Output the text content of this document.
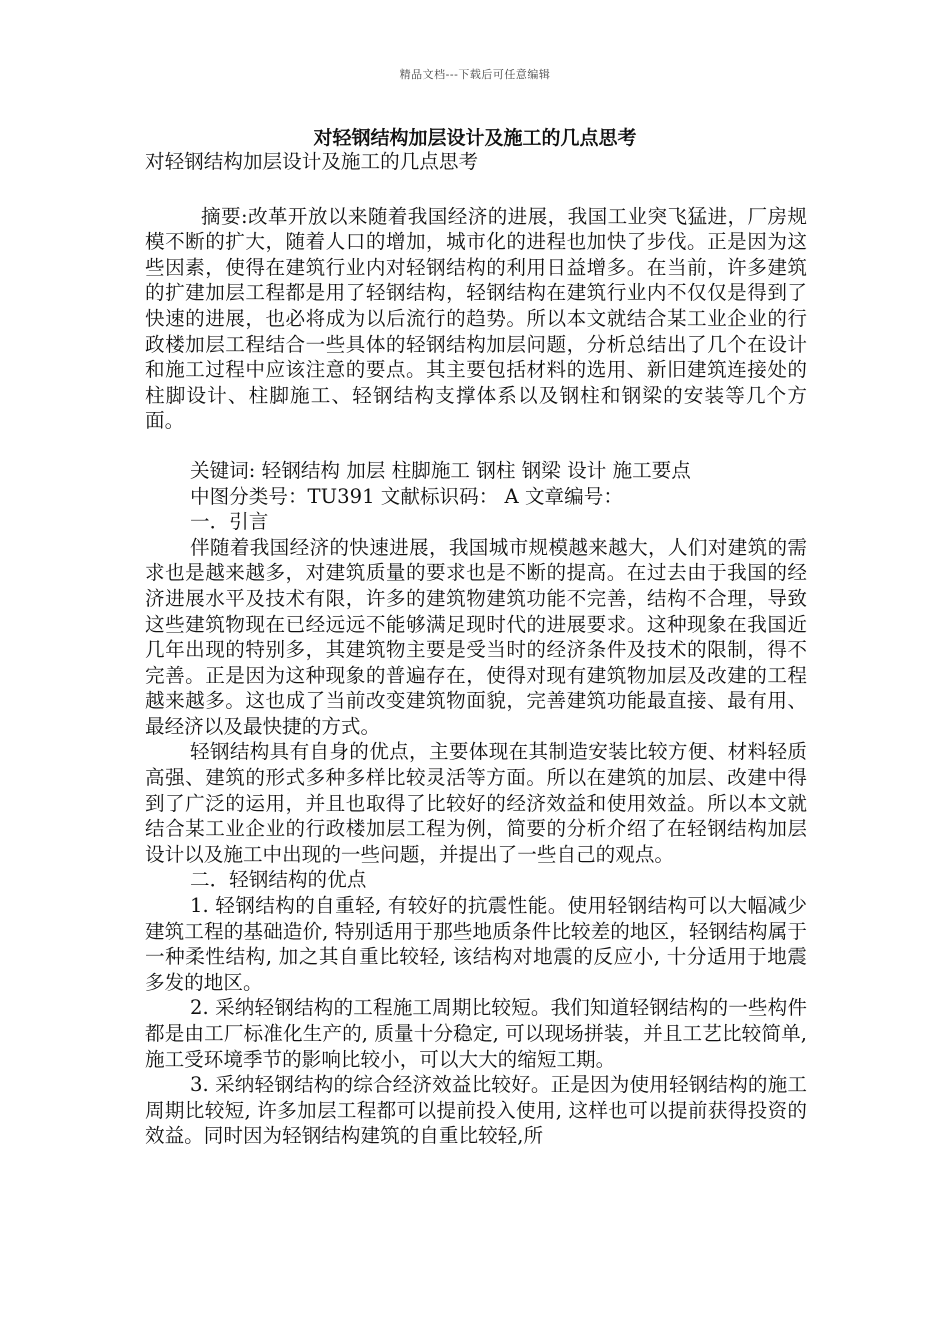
精品文档---下载后可任意编辑
对轻钢结构加层设计及施工的几点思考

对轻钢结构加层设计及施工的几点思考

摘要:改革开放以来随着我国经济的进展，我国工业突飞猛进，厂房规模不断的扩大，随着人口的增加，城市化的进程也加快了步伐。正是因为这些因素，使得在建筑行业内对轻钢结构的利用日益增多。在当前，许多建筑的扩建加层工程都是用了轻钢结构，轻钢结构在建筑行业内不仅仅是得到了快速的进展，也必将成为以后流行的趋势。所以本文就结合某工业企业的行政楼加层工程结合一些具体的轻钢结构加层问题，分析总结出了几个在设计和施工过程中应该注意的要点。其主要包括材料的选用、新旧建筑连接处的柱脚设计、柱脚施工、轻钢结构支撑体系以及钢柱和钢梁的安装等几个方面。

关键词: 轻钢结构 加层 柱脚施工 钢柱 钢梁 设计 施工要点

中图分类号：TU391 文献标识码： A 文章编号：

一．引言

伴随着我国经济的快速进展，我国城市规模越来越大，人们对建筑的需求也是越来越多，对建筑质量的要求也是不断的提高。在过去由于我国的经济进展水平及技术有限，许多的建筑物建筑功能不完善，结构不合理，导致这些建筑物现在已经远远不能够满足现时代的进展要求。这种现象在我国近几年出现的特别多，其建筑物主要是受当时的经济条件及技术的限制，得不完善。正是因为这种现象的普遍存在，使得对现有建筑物加层及改建的工程越来越多。这也成了当前改变建筑物面貌，完善建筑功能最直接、最有用、最经济以及最快捷的方式。

轻钢结构具有自身的优点，主要体现在其制造安装比较方便、材料轻质高强、建筑的形式多种多样比较灵活等方面。所以在建筑的加层、改建中得到了广泛的运用，并且也取得了比较好的经济效益和使用效益。所以本文就结合某工业企业的行政楼加层工程为例，简要的分析介绍了在轻钢结构加层设计以及施工中出现的一些问题，并提出了一些自己的观点。

二．轻钢结构的优点

1. 轻钢结构的自重轻, 有较好的抗震性能。使用轻钢结构可以大幅减少建筑工程的基础造价, 特别适用于那些地质条件比较差的地区，轻钢结构属于一种柔性结构, 加之其自重比较轻, 该结构对地震的反应小, 十分适用于地震多发的地区。

2. 采纳轻钢结构的工程施工周期比较短。我们知道轻钢结构的一些构件都是由工厂标准化生产的, 质量十分稳定, 可以现场拼装，并且工艺比较简单,施工受环境季节的影响比较小，可以大大的缩短工期。

3. 采纳轻钢结构的综合经济效益比较好。正是因为使用轻钢结构的施工周期比较短, 许多加层工程都可以提前投入使用, 这样也可以提前获得投资的效益。同时因为轻钢结构建筑的自重比较轻,所
